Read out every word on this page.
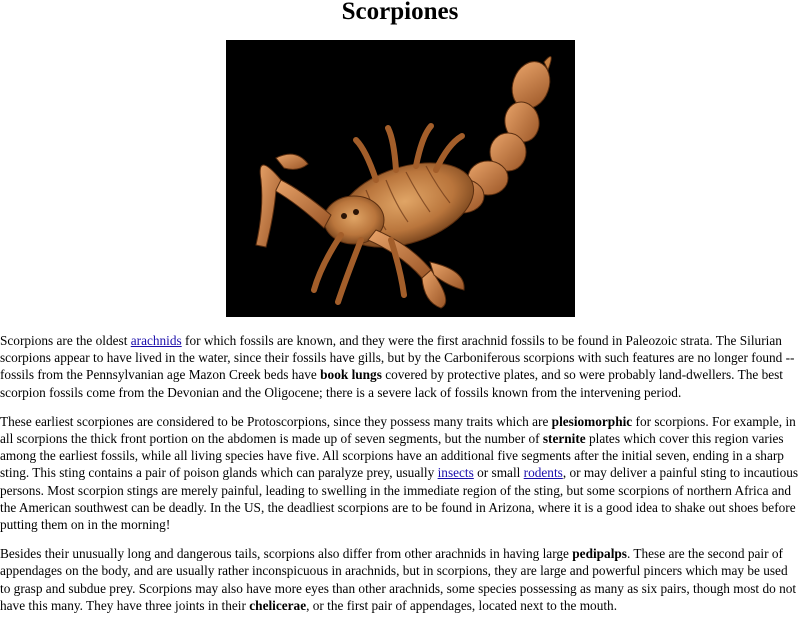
Scorpiones

Scorpions are the oldest arachnids for which fossils are known, and they were the first arachnid fossils to be found in Paleozoic strata. The Silurian scorpions appear to have lived in the water, since their fossils have gills, but by the Carboniferous scorpions with such features are no longer found -- fossils from the Pennsylvanian age Mazon Creek beds have book lungs covered by protective plates, and so were probably land-dwellers. The best scorpion fossils come from the Devonian and the Oligocene; there is a severe lack of fossils known from the intervening period.

These earliest scorpiones are considered to be Protoscorpions, since they possess many traits which are plesiomorphic for scorpions. For example, in all scorpions the thick front portion on the abdomen is made up of seven segments, but the number of sternite plates which cover this region varies among the earliest fossils, while all living species have five. All scorpions have an additional five segments after the initial seven, ending in a sharp sting. This sting contains a pair of poison glands which can paralyze prey, usually insects or small rodents, or may deliver a painful sting to incautious persons. Most scorpion stings are merely painful, leading to swelling in the immediate region of the sting, but some scorpions of northern Africa and the American southwest can be deadly. In the US, the deadliest scorpions are to be found in Arizona, where it is a good idea to shake out shoes before putting them on in the morning!

Besides their unusually long and dangerous tails, scorpions also differ from other arachnids in having large pedipalps. These are the second pair of appendages on the body, and are usually rather inconspicuous in arachnids, but in scorpions, they are large and powerful pincers which may be used to grasp and subdue prey. Scorpions may also have more eyes than other arachnids, some species possessing as many as six pairs, though most do not have this many. They have three joints in their chelicerae, or the first pair of appendages, located next to the mouth.
